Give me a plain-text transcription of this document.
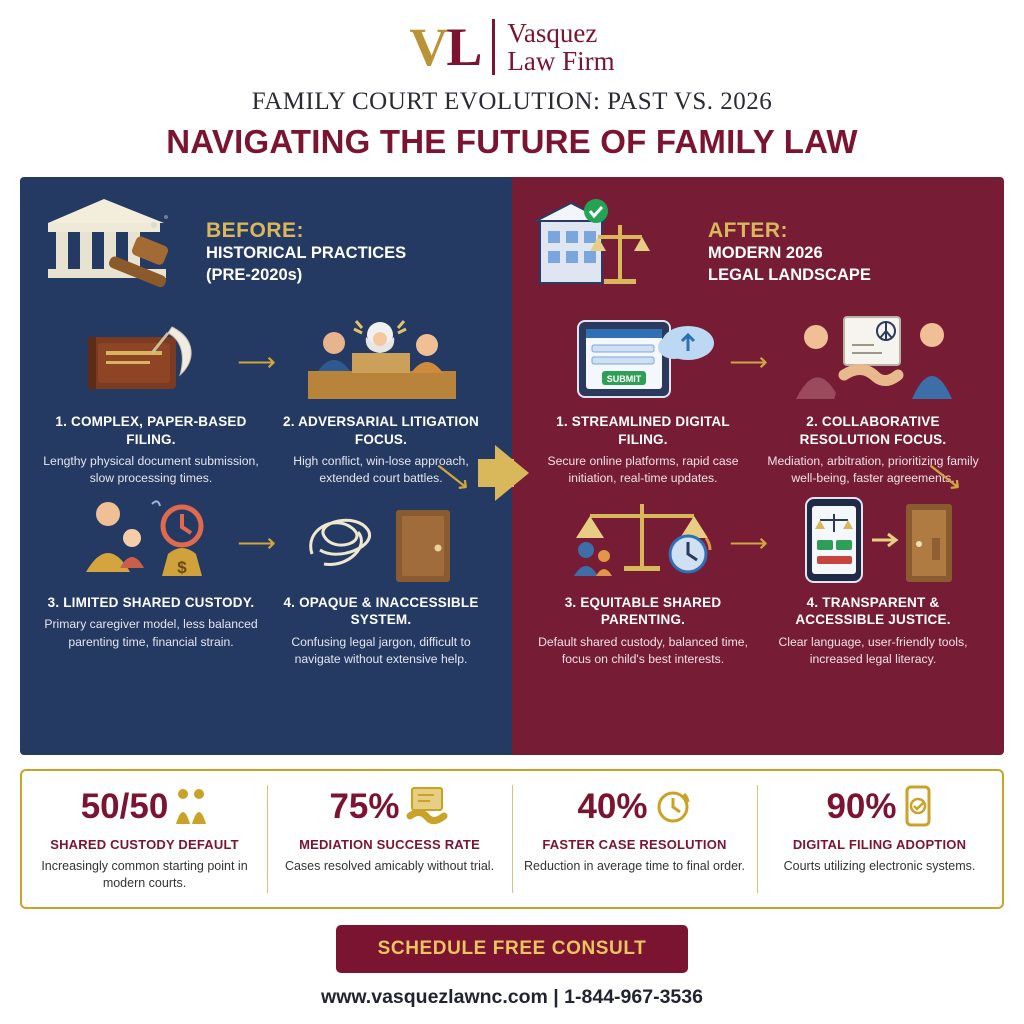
VL Vasquez
Law Firm
FAMILY COURT EVOLUTION: PAST VS. 2026
NAVIGATING THE FUTURE OF FAMILY LAW
BEFORE:
HISTORICAL PRACTICES
(PRE-2020s)
1. COMPLEX, PAPER-BASED FILING.

Lengthy physical document submission, slow processing times.

⟶
2. ADVERSARIAL LITIGATION FOCUS.

High conflict, win-lose approach, extended court battles.

⟶
$
3. LIMITED SHARED CUSTODY.

Primary caregiver model, less balanced parenting time, financial strain.

⟶
4. OPAQUE & INACCESSIBLE SYSTEM.

Confusing legal jargon, difficult to navigate without extensive help.

AFTER:
MODERN 2026
LEGAL LANDSCAPE
SUBMIT
1. STREAMLINED DIGITAL FILING.

Secure online platforms, rapid case initiation, real-time updates.

⟶
2. COLLABORATIVE RESOLUTION FOCUS.

Mediation, arbitration, prioritizing family well-being, faster agreements.

⟶
3. EQUITABLE SHARED PARENTING.

Default shared custody, balanced time, focus on child's best interests.

⟶
4. TRANSPARENT & ACCESSIBLE JUSTICE.

Clear language, user-friendly tools, increased legal literacy.

50/50
SHARED CUSTODY DEFAULT
Increasingly common starting point in modern courts.
75%
MEDIATION SUCCESS RATE
Cases resolved amicably without trial.
40%
FASTER CASE RESOLUTION
Reduction in average time to final order.
90%
DIGITAL FILING ADOPTION
Courts utilizing electronic systems.
SCHEDULE FREE CONSULT
www.vasquezlawnc.com | 1-844-967-3536
